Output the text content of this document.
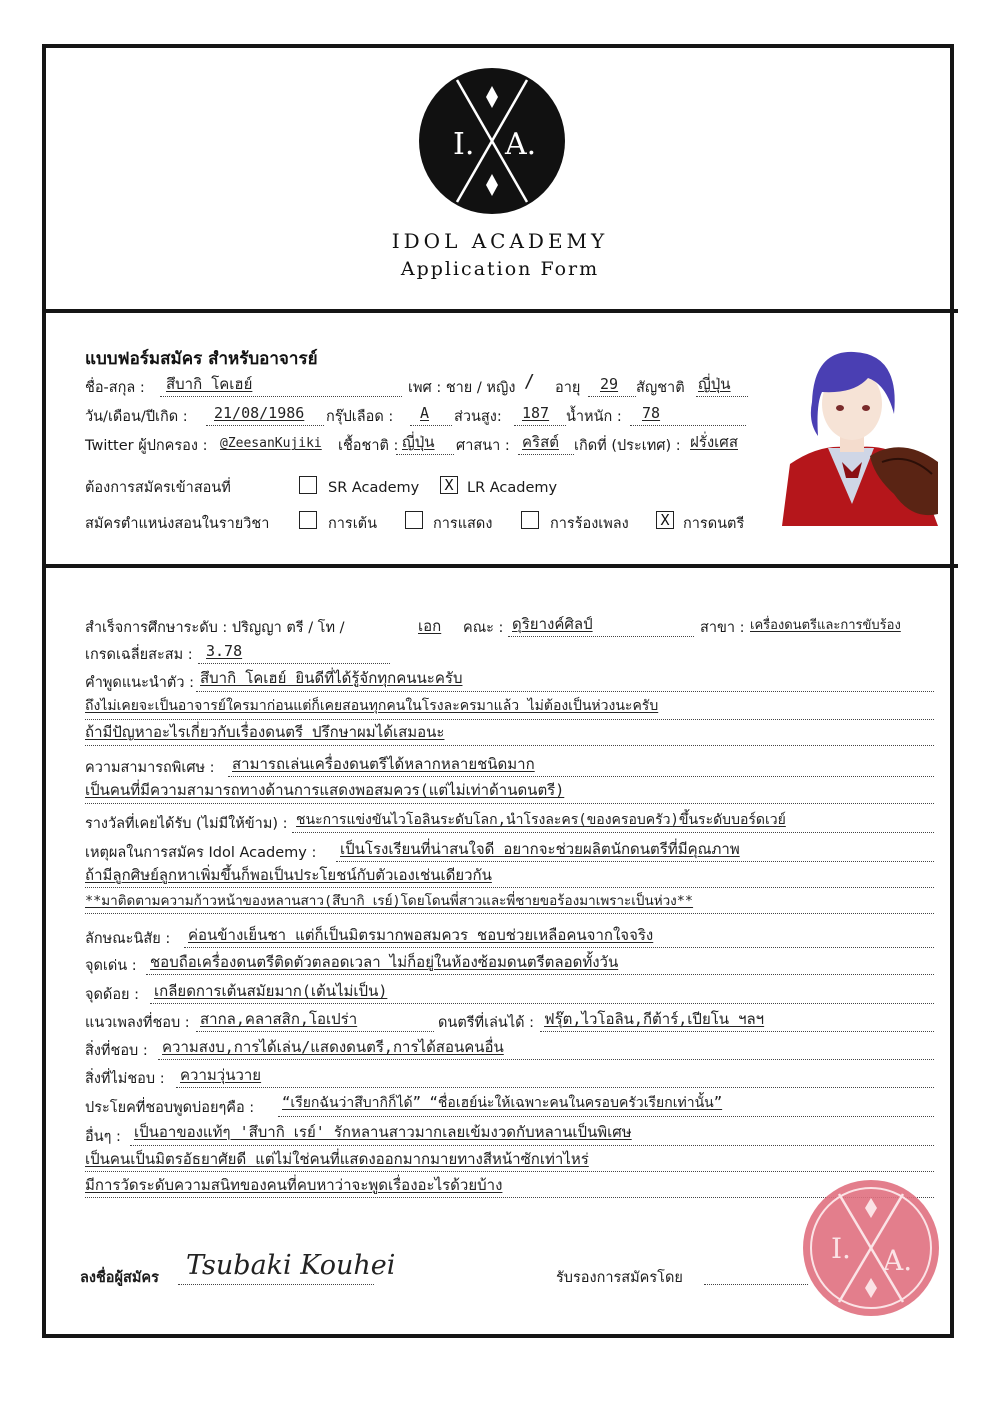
I. A.
IDOL ACADEMY
Application Form
แบบฟอร์มสมัคร สำหรับอาจารย์
ชื่อ-สกุล : สึบากิ โคเฮย์	เพศ : ชาย / หญิง / อายุ 29 สัญชาติ ญี่ปุ่น
วัน/เดือน/ปีเกิด : 21/08/1986 กรุ๊ปเลือด : A ส่วนสูง: 187 น้ำหนัก : 78
Twitter ผู้ปกครอง : @ZeesanKujiki เชื้อชาติ : ญี่ปุ่น ศาสนา : คริสต์ เกิดที่ (ประเทศ) : ฝรั่งเศส
ต้องการสมัครเข้าสอนที่	SR Academy X LR Academy
สมัครตำแหน่งสอนในรายวิชา	การเต้น	การแสดง	การร้องเพลง X การดนตรี
สำเร็จการศึกษาระดับ : ปริญญา ตรี / โท /	เอก คณะ : ดุริยางค์ศิลป์	สาขา : เครื่องดนตรีและการขับร้อง
เกรดเฉลี่ยสะสม : 3.78
คำพูดแนะนำตัว : สึบากิ โคเฮย์ ยินดีที่ได้รู้จักทุกคนนะครับ
ถึงไม่เคยจะเป็นอาจารย์ใครมาก่อนแต่ก็เคยสอนทุกคนในโรงละครมาแล้ว ไม่ต้องเป็นห่วงนะครับ
ถ้ามีปัญหาอะไรเกี่ยวกับเรื่องดนตรี ปรึกษาผมได้เสมอนะ
ความสามารถพิเศษ : สามารถเล่นเครื่องดนตรีได้หลากหลายชนิดมาก
เป็นคนที่มีความสามารถทางด้านการแสดงพอสมควร(แต่ไม่เท่าด้านดนตรี)
รางวัลที่เคยได้รับ (ไม่มีให้ข้าม) : ชนะการแข่งขันไวโอลินระดับโลก,นำโรงละคร(ของครอบครัว)ขึ้นระดับบอร์ดเวย์
เหตุผลในการสมัคร Idol Academy : เป็นโรงเรียนที่น่าสนใจดี อยากจะช่วยผลิตนักดนตรีที่มีคุณภาพ
ถ้ามีลูกศิษย์ลูกหาเพิ่มขึ้นก็พอเป็นประโยชน์กับตัวเองเช่นเดียวกัน
**มาติดตามความก้าวหน้าของหลานสาว(สึบากิ เรย์)โดยโดนพี่สาวและพี่ชายขอร้องมาเพราะเป็นห่วง**
ลักษณะนิสัย : ค่อนข้างเย็นชา แต่ก็เป็นมิตรมากพอสมควร ชอบช่วยเหลือคนจากใจจริง
จุดเด่น : ชอบถือเครื่องดนตรีติดตัวตลอดเวลา ไม่ก็อยู่ในห้องซ้อมดนตรีตลอดทั้งวัน
จุดด้อย : เกลียดการเต้นสมัยมาก(เต้นไม่เป็น)
แนวเพลงที่ชอบ : สากล,คลาสสิก,โอเปร่า	ดนตรีที่เล่นได้ : ฟรุ๊ต,ไวโอลิน,กีต้าร์,เปียโน ฯลฯ
สิ่งที่ชอบ : ความสงบ,การได้เล่น/แสดงดนตรี,การได้สอนคนอื่น
สิ่งที่ไม่ชอบ : ความวุ่นวาย
ประโยคที่ชอบพูดบ่อยๆคือ : “เรียกฉันว่าสึบากิก็ได้” “ชื่อเฮย์น่ะให้เฉพาะคนในครอบครัวเรียกเท่านั้น”
อื่นๆ : เป็นอาของแท้ๆ 'สึบากิ เรย์' รักหลานสาวมากเลยเข้มงวดกับหลานเป็นพิเศษ
เป็นคนเป็นมิตรอัธยาศัยดี แต่ไม่ใช่คนที่แสดงออกมากมายทางสีหน้าซักเท่าไหร่
มีการวัดระดับความสนิทของคนที่คบหาว่าจะพูดเรื่องอะไรด้วยบ้าง
ลงชื่อผู้สมัคร Tsubaki Kouhei	รับรองการสมัครโดย
I. A.
